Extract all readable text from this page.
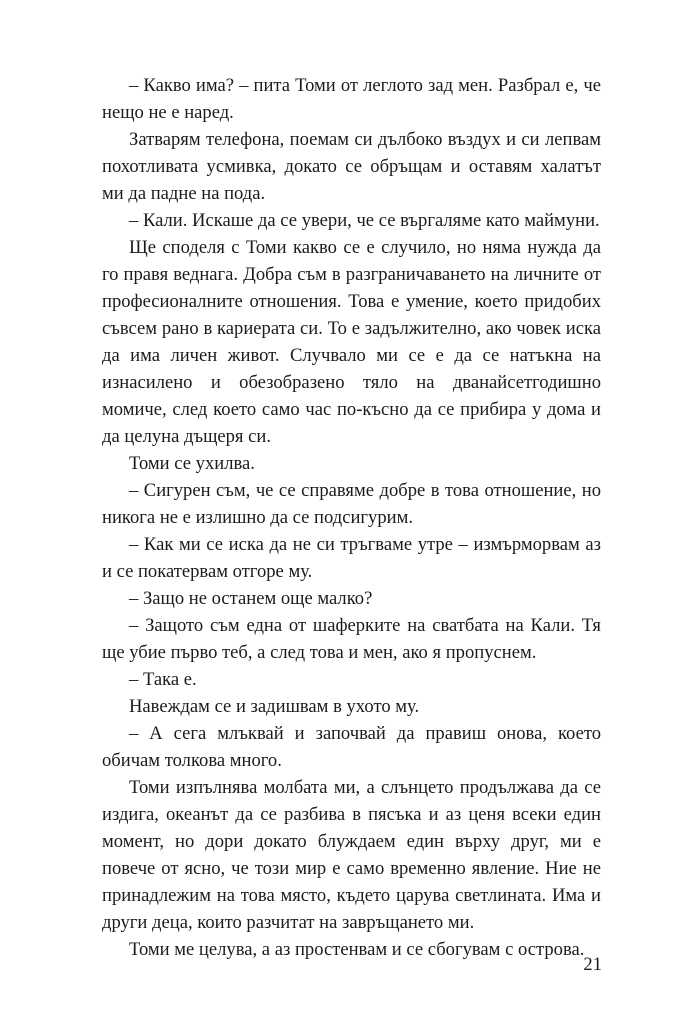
– Какво има? – пита Томи от леглото зад мен. Разбрал е, че нещо не е наред.

Затварям телефона, поемам си дълбоко въздух и си лепвам похотливата усмивка, докато се обръщам и оставям халатът ми да падне на пода.

– Кали. Искаше да се увери, че се въргаляме като маймуни.

Ще споделя с Томи какво се е случило, но няма нужда да го правя веднага. Добра съм в разграничаването на личните от професионалните отношения. Това е умение, което придобих съвсем рано в кариерата си. То е задължително, ако човек иска да има личен живот. Случвало ми се е да се натъкна на изнасилено и обезобразено тяло на дванайсетгодишно момиче, след което само час по-късно да се прибира у дома и да целуна дъщеря си.

Томи се ухилва.

– Сигурен съм, че се справяме добре в това отношение, но никога не е излишно да се подсигурим.

– Как ми се иска да не си тръгваме утре – измърморвам аз и се покатервам отгоре му.

– Защо не останем още малко?

– Защото съм една от шаферките на сватбата на Кали. Тя ще убие първо теб, а след това и мен, ако я пропуснем.

– Така е.

Навеждам се и задишвам в ухото му.

– А сега млъквай и започвай да правиш онова, което обичам толкова много.

Томи изпълнява молбата ми, а слънцето продължава да се издига, океанът да се разбива в пясъка и аз ценя всеки един момент, но дори докато блуждаем един върху друг, ми е повече от ясно, че този мир е само временно явление. Ние не принадлежим на това място, където царува светлината. Има и други деца, които разчитат на завръщането ми.

Томи ме целува, а аз простенвам и се сбогувам с острова.

21
